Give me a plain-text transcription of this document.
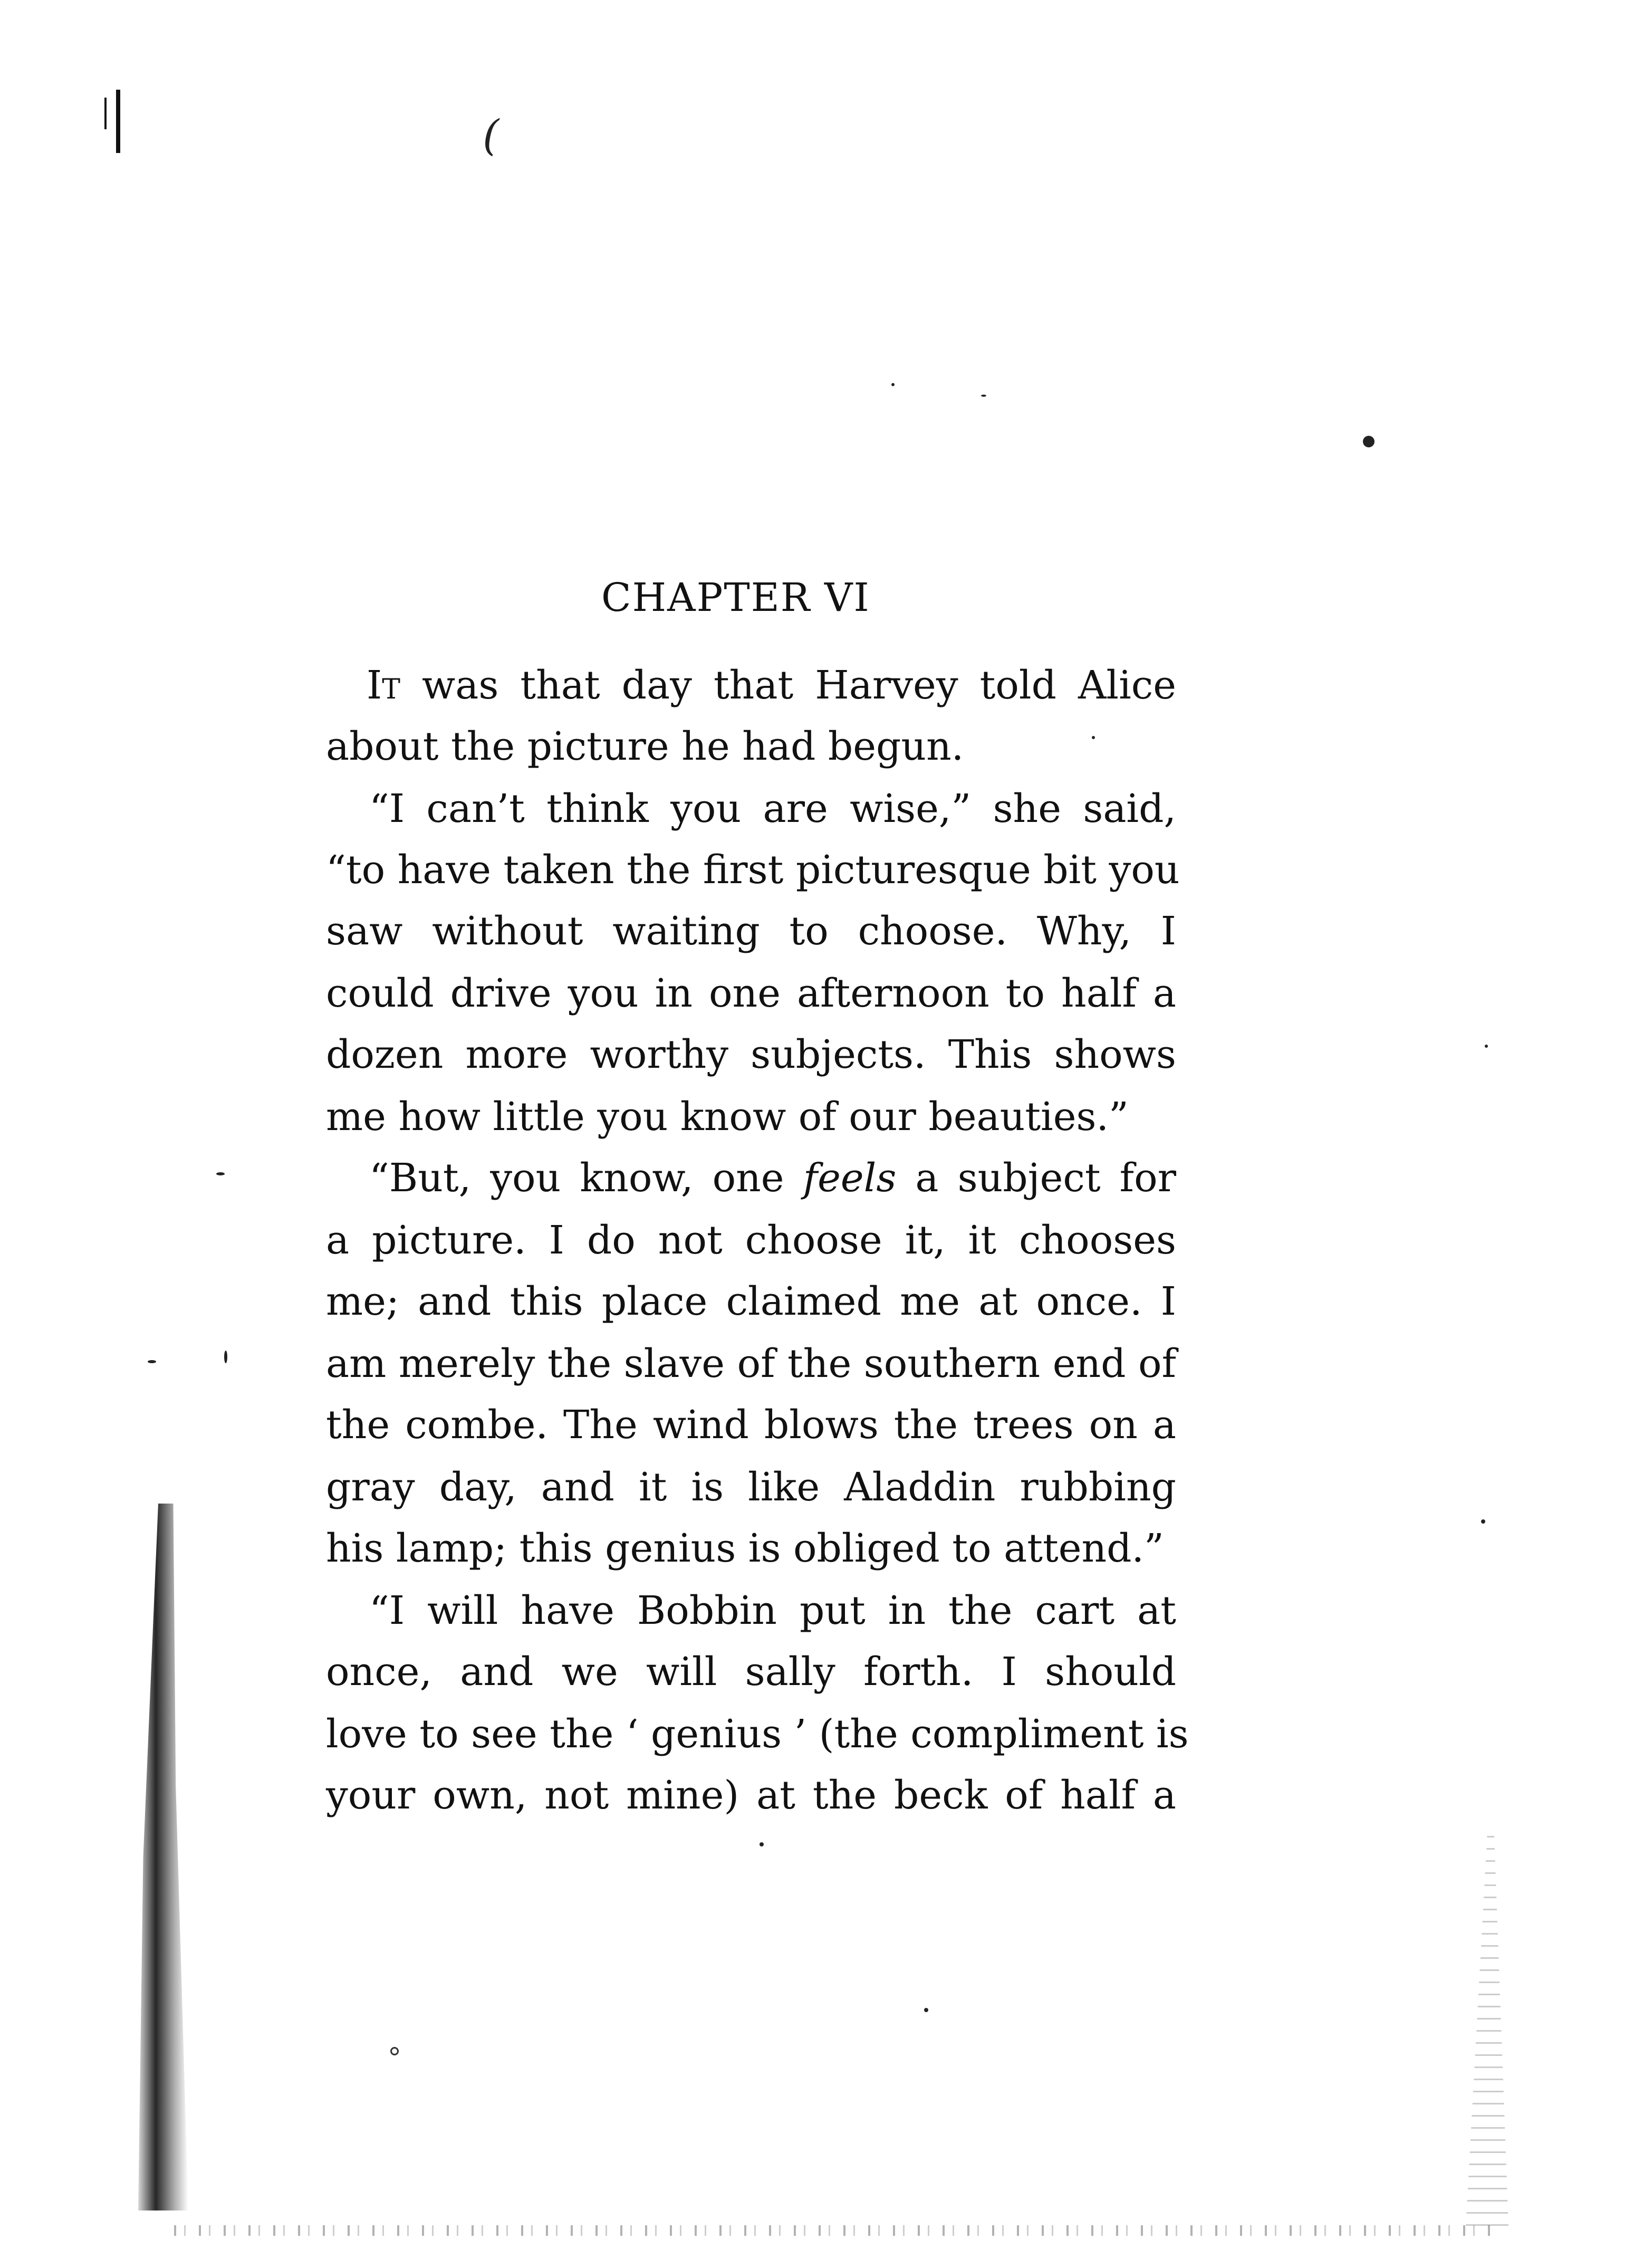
(
CHAPTER VI
It was that day that Harvey told Alice
about the picture he had begun.
“I can’t think you are wise,” she said,
“to have taken the first picturesque bit you
saw without waiting to choose. Why, I
could drive you in one afternoon to half a
dozen more worthy subjects. This shows
me how little you know of our beauties.”
“But, you know, one feels a subject for
a picture. I do not choose it, it chooses
me; and this place claimed me at once. I
am merely the slave of the southern end of
the combe. The wind blows the trees on a
gray day, and it is like Aladdin rubbing
his lamp; this genius is obliged to attend.”
“I will have Bobbin put in the cart at
once, and we will sally forth. I should
love to see the ‘ genius ’ (the compliment is
your own, not mine) at the beck of half a
